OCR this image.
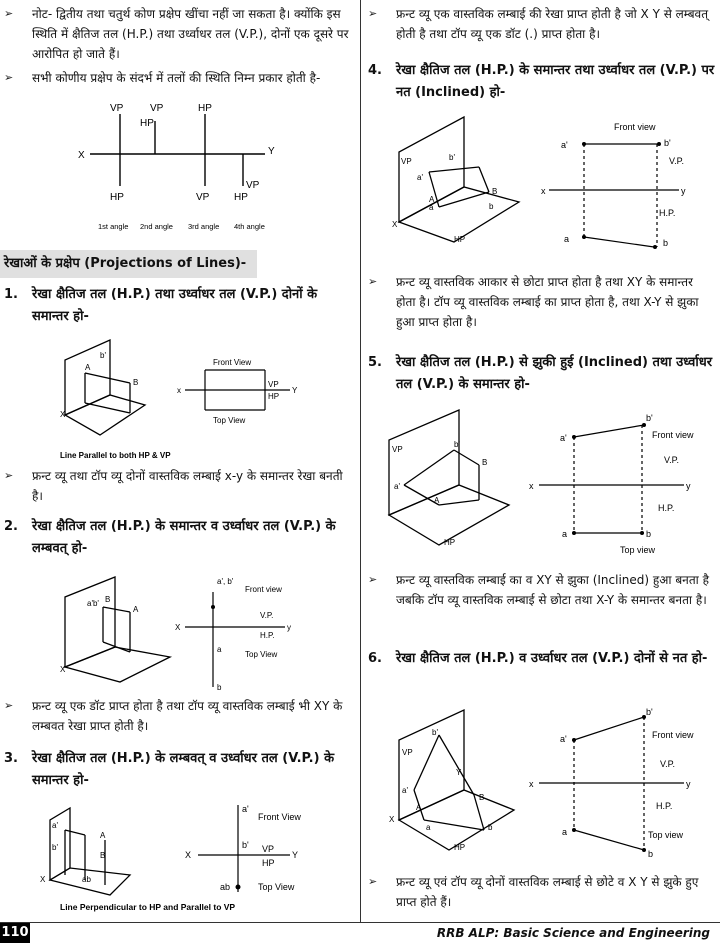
➢ नोट- द्वितीय तथा चतुर्थ कोण प्रक्षेप खींचा नहीं जा सकता है। क्योंकि इस स्थिति में क्षैतिज तल (H.P.) तथा उर्ध्वाधर तल (V.P.), दोनों एक दूसरे पर आरोपित हो जाते हैं।
➢ सभी कोणीय प्रक्षेप के संदर्भ में तलों की स्थिति निम्न प्रकार होती है-
VP	VP
HP
HP
HP	VP HP
VP
X	Y
1st angle 2nd angle 3rd angle 4th angle
रेखाओं के प्रक्षेप (Projections of Lines)-
1. रेखा क्षैतिज तल (H.P.) तथा उर्ध्वाधर तल (V.P.) दोनों के समान्तर हो-
X
A
B
b'
Front View
Top View
x	Y
VP
HP
Line Parallel to both HP & VP
➢ फ्रन्ट व्यू तथा टॉप व्यू दोनों वास्तविक लम्बाई x-y के समान्तर रेखा बनती है।
2. रेखा क्षैतिज तल (H.P.) के समान्तर व उर्ध्वाधर तल (V.P.) के लम्बवत् हो-
X
a'b'
A
B
Front view
Top View
X	y
V.P.
H.P.
a', b'
a
b
➢ फ्रन्ट व्यू एक डॉट प्राप्त होता है तथा टॉप व्यू वास्तविक लम्बाई भी XY के लम्बवत रेखा प्राप्त होती है।
3. रेखा क्षैतिज तल (H.P.) के लम्बवत् व उर्ध्वाधर तल (V.P.) के समान्तर हो-
X
a'
A
B
b'
ab
Front View
Top View
X	Y
VP
HP
a'
b'
ab
Line Perpendicular to HP and Parallel to VP
➢ फ्रन्ट व्यू एक वास्तविक लम्बाई की रेखा प्राप्त होती है जो X Y से लम्बवत् होती है तथा टॉप व्यू एक डॉट (.) प्राप्त होता है।
4. रेखा क्षैतिज तल (H.P.) के समान्तर तथा उर्ध्वाधर तल (V.P.) पर नत (Inclined) हो-
X
VP	b'
a'
A
B
HP
a	b
Front view
x	y
V.P.
H.P.
a'	b'
a	b
➢ फ्रन्ट व्यू वास्तविक आकार से छोटा प्राप्त होता है तथा XY के समान्तर होता है। टॉप व्यू वास्तविक लम्बाई का प्राप्त होता है, तथा X-Y से झुका हुआ प्राप्त होता है।
5. रेखा क्षैतिज तल (H.P.) से झुकी हुई (Inclined) तथा उर्ध्वाधर तल (V.P.) के समान्तर हो-
VP
b'
a'
A
B
HP
Front view
Top view
x	y
V.P.
H.P.
a'
b'
a	b
➢ फ्रन्ट व्यू वास्तविक लम्बाई का व XY से झुका (Inclined) हुआ बनता है जबकि टॉप व्यू वास्तविक लम्बाई से छोटा तथा X-Y के समान्तर बनता है।
6. रेखा क्षैतिज तल (H.P.) व उर्ध्वाधर तल (V.P.) दोनों से नत हो-
X
VP
b'
a'
A
Y
B
HP
a	b
Front view
Top view
x	y
V.P.
H.P.
a'
b'
a
b
➢ फ्रन्ट व्यू एवं टॉप व्यू दोनों वास्तविक लम्बाई से छोटे व X Y से झुके हुए प्राप्त होते हैं।
110	RRB ALP: Basic Science and Engineering
